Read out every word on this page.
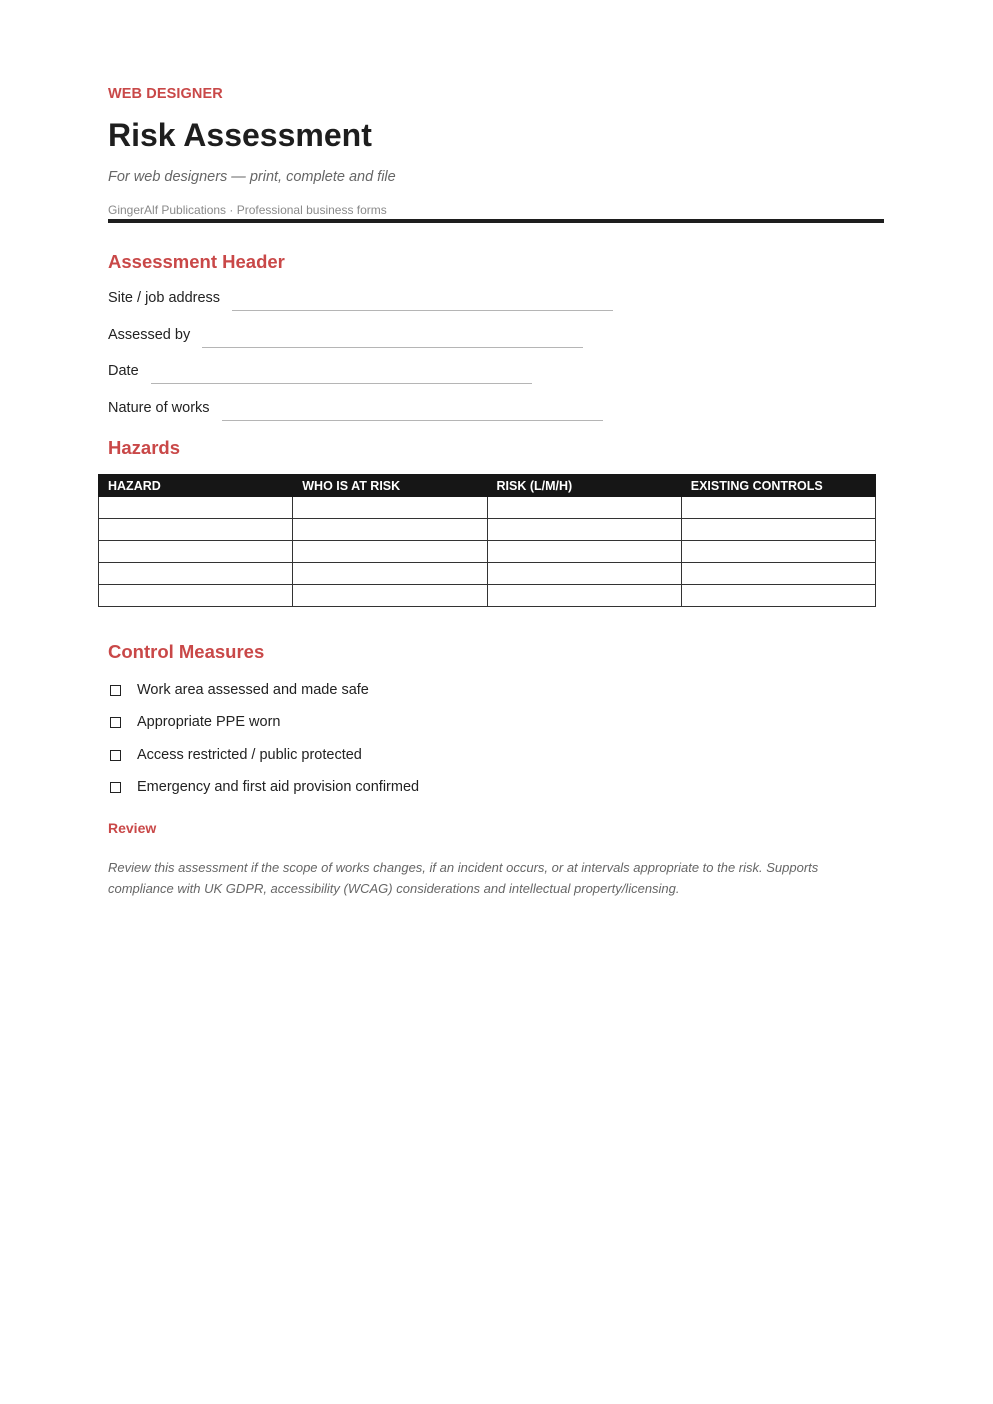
WEB DESIGNER
Risk Assessment
For web designers — print, complete and file
GingerAlf Publications · Professional business forms
Assessment Header
Site / job address
Assessed by
Date
Nature of works
Hazards
HAZARD	WHO IS AT RISK	RISK (L/M/H)	EXISTING CONTROLS

Control Measures
Work area assessed and made safe
Appropriate PPE worn
Access restricted / public protected
Emergency and first aid provision confirmed
Review
Review this assessment if the scope of works changes, if an incident occurs, or at intervals appropriate to the risk. Supports compliance with UK GDPR, accessibility (WCAG) considerations and intellectual property/licensing.
